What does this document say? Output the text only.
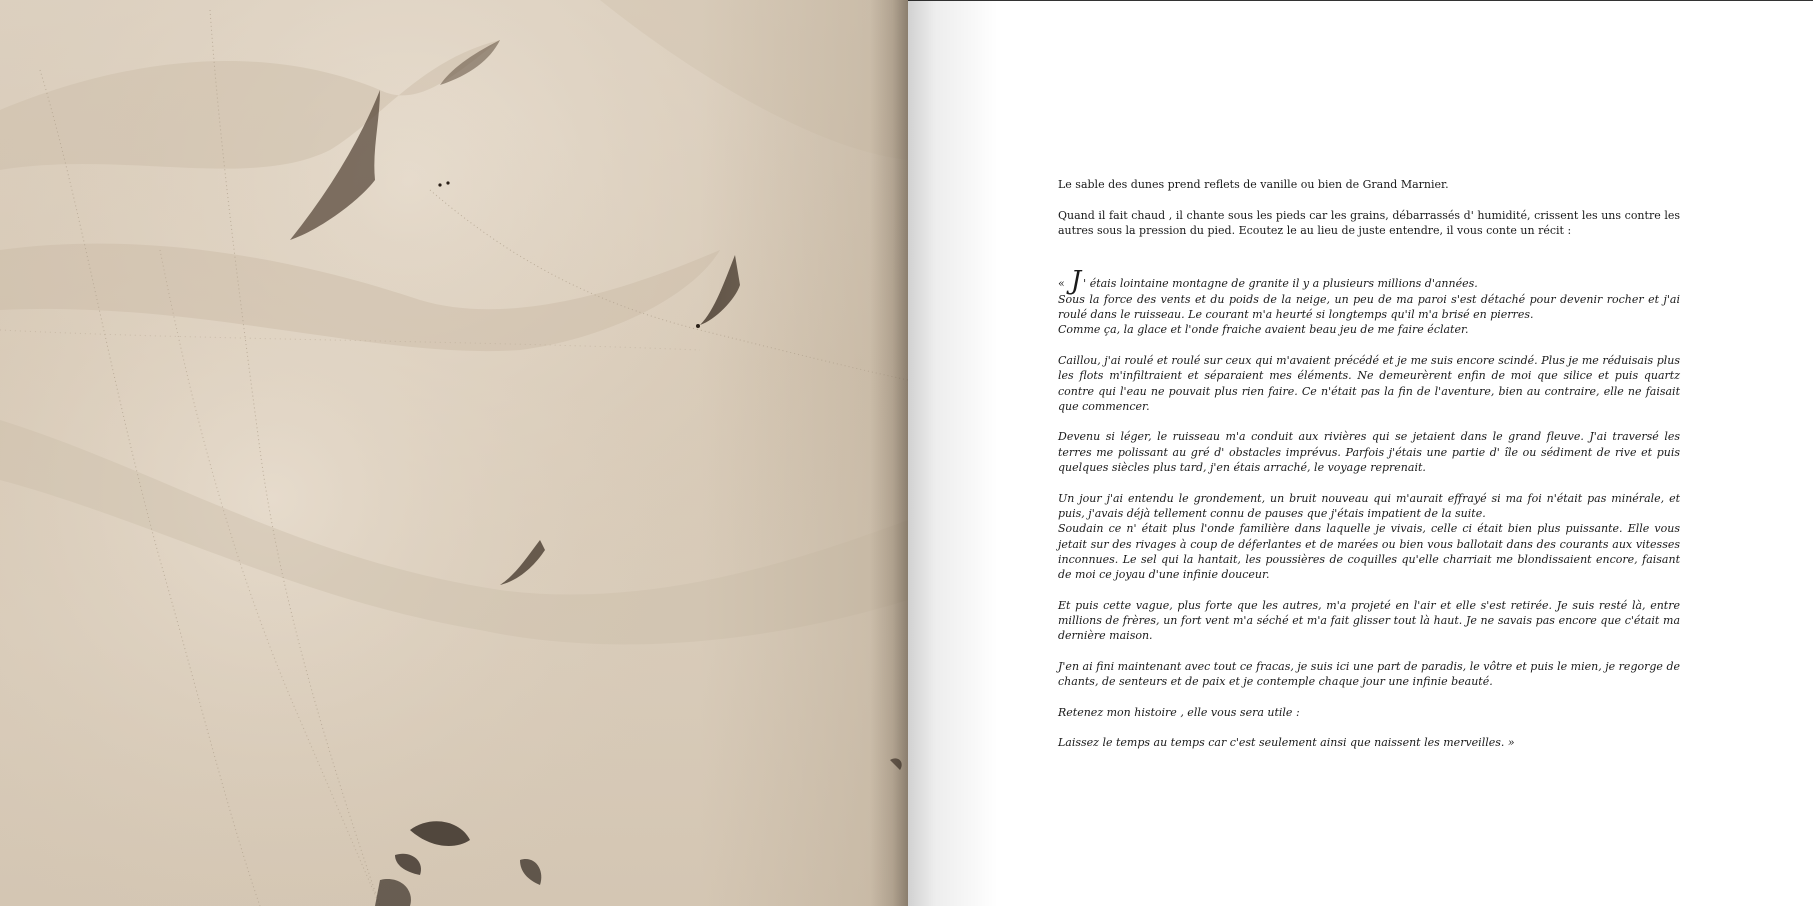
Le sable des dunes prend reflets de vanille ou bien de Grand Marnier.

Quand il fait chaud , il chante sous les pieds car les grains, débarrassés d' humidité, crissent les uns contre les autres sous la pression du pied. Ecoutez le au lieu de juste entendre, il vous conte un récit :

« J ' étais lointaine montagne de granite il y a plusieurs millions d'années.
Sous la force des vents et du poids de la neige, un peu de ma paroi s'est détaché pour devenir rocher et j'ai roulé dans le ruisseau. Le courant m'a heurté si longtemps qu'il m'a brisé en pierres.
Comme ça, la glace et l'onde fraiche avaient beau jeu de me faire éclater.

Caillou, j'ai roulé et roulé sur ceux qui m'avaient précédé et je me suis encore scindé. Plus je me réduisais plus les flots m'infiltraient et séparaient mes éléments. Ne demeurèrent enfin de moi que silice et puis quartz contre qui l'eau ne pouvait plus rien faire. Ce n'était pas la fin de l'aventure, bien au contraire, elle ne faisait que commencer.

Devenu si léger, le ruisseau m'a conduit aux rivières qui se jetaient dans le grand fleuve. J'ai traversé les terres me polissant au gré d' obstacles imprévus. Parfois j'étais une partie d' île ou sédiment de rive et puis quelques siècles plus tard, j'en étais arraché, le voyage reprenait.

Un jour j'ai entendu le grondement, un bruit nouveau qui m'aurait effrayé si ma foi n'était pas minérale, et puis, j'avais déjà tellement connu de pauses que j'étais impatient de la suite.
Soudain ce n' était plus l'onde familière dans laquelle je vivais, celle ci était bien plus puissante. Elle vous jetait sur des rivages à coup de déferlantes et de marées ou bien vous ballotait dans des courants aux vitesses inconnues. Le sel qui la hantait, les poussières de coquilles qu'elle charriait me blondissaient encore, faisant de moi ce joyau d'une infinie douceur.

Et puis cette vague, plus forte que les autres, m'a projeté en l'air et elle s'est retirée. Je suis resté là, entre millions de frères, un fort vent m'a séché et m'a fait glisser tout là haut. Je ne savais pas encore que c'était ma dernière maison.

J'en ai fini maintenant avec tout ce fracas, je suis ici une part de paradis, le vôtre et puis le mien, je regorge de chants, de senteurs et de paix et je contemple chaque jour une infinie beauté.

Retenez mon histoire , elle vous sera utile :

Laissez le temps au temps car c'est seulement ainsi que naissent les merveilles. »
